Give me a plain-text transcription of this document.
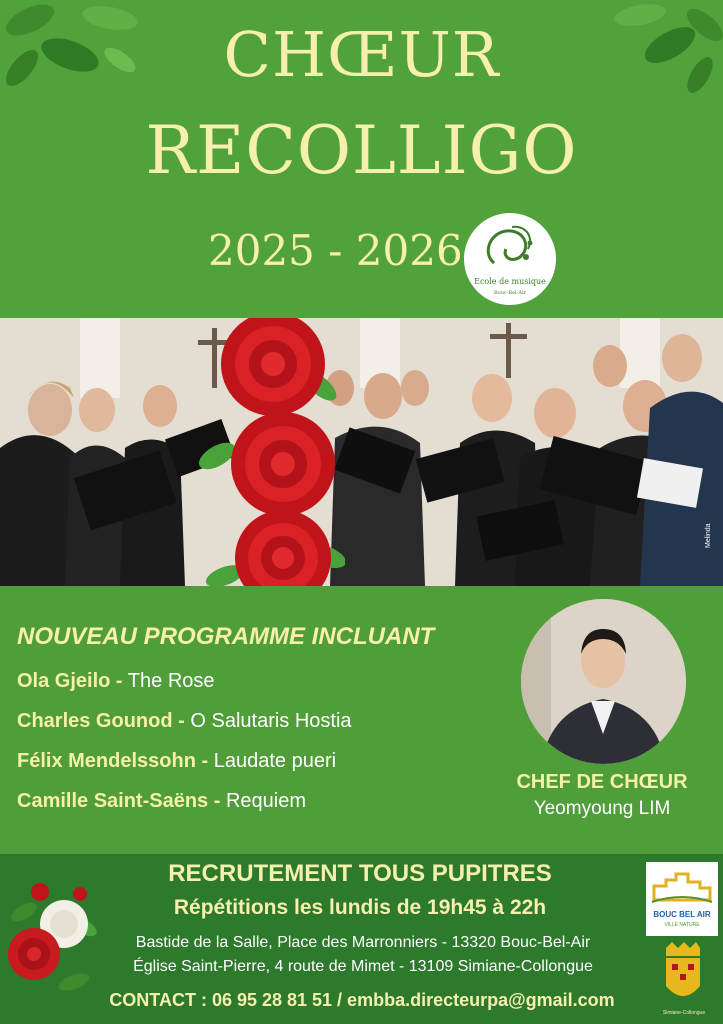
CHŒUR
RECOLLIGO
2025 - 2026
Ecole de musique
Bouc-Bel-Air
Melinda
NOUVEAU PROGRAMME INCLUANT
Ola Gjeilo - The Rose
Charles Gounod - O Salutaris Hostia
Félix Mendelssohn - Laudate pueri
Camille Saint-Saëns - Requiem
CHEF DE CHŒUR
Yeomyoung LIM
RECRUTEMENT TOUS PUPITRES
Répétitions les lundis de 19h45 à 22h
Bastide de la Salle, Place des Marronniers - 13320 Bouc-Bel-Air
Église Saint-Pierre, 4 route de Mimet - 13109 Simiane-Collongue
CONTACT : 06 95 28 81 51 / embba.directeurpa@gmail.com
BOUC BEL AIR
VILLE NATURE
Simiane-Collongue
